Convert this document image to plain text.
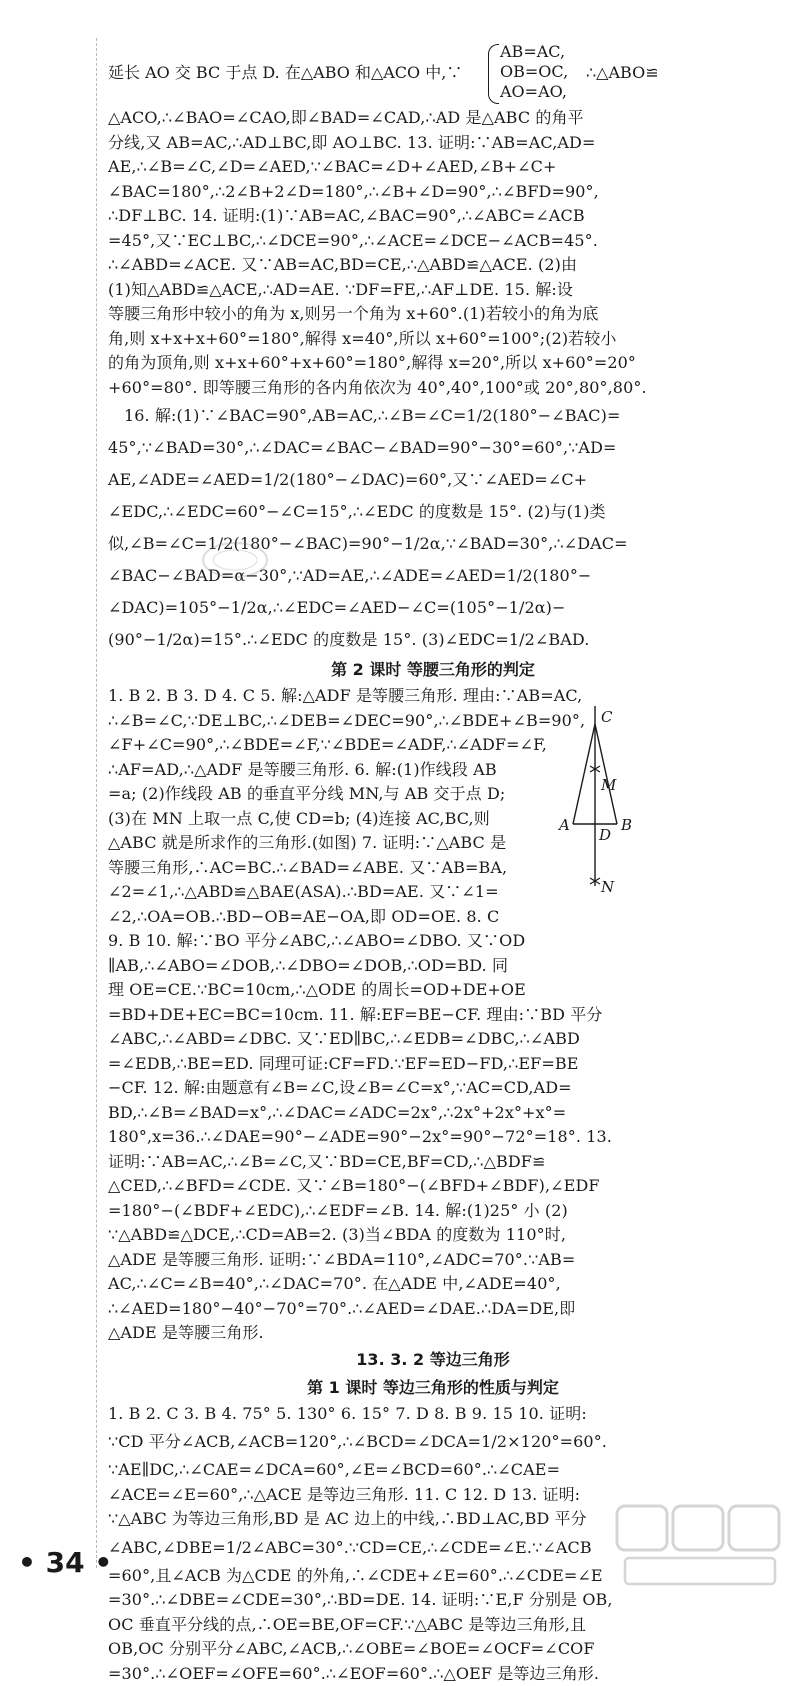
延长 AO 交 BC 于点 D. 在△ABO 和△ACO 中,∵
AB=AC,
OB=OC,
AO=AO,
∴△ABO≌
△ACO,∴∠BAO=∠CAO,即∠BAD=∠CAD,∴AD 是△ABC 的角平
分线,又 AB=AC,∴AD⊥BC,即 AO⊥BC. 13. 证明:∵AB=AC,AD=
AE,∴∠B=∠C,∠D=∠AED,∵∠BAC=∠D+∠AED,∠B+∠C+
∠BAC=180°,∴2∠B+2∠D=180°,∴∠B+∠D=90°,∴∠BFD=90°,
∴DF⊥BC. 14. 证明:(1)∵AB=AC,∠BAC=90°,∴∠ABC=∠ACB
=45°,又∵EC⊥BC,∴∠DCE=90°,∴∠ACE=∠DCE−∠ACB=45°.
∴∠ABD=∠ACE. 又∵AB=AC,BD=CE,∴△ABD≌△ACE. (2)由
(1)知△ABD≌△ACE,∴AD=AE. ∵DF=FE,∴AF⊥DE. 15. 解:设
等腰三角形中较小的角为 x,则另一个角为 x+60°.(1)若较小的角为底
角,则 x+x+x+60°=180°,解得 x=40°,所以 x+60°=100°;(2)若较小
的角为顶角,则 x+x+60°+x+60°=180°,解得 x=20°,所以 x+60°=20°
+60°=80°. 即等腰三角形的各内角依次为 40°,40°,100°或 20°,80°,80°.
16. 解:(1)∵∠BAC=90°,AB=AC,∴∠B=∠C=1/2(180°−∠BAC)=
45°,∵∠BAD=30°,∴∠DAC=∠BAC−∠BAD=90°−30°=60°,∵AD=
AE,∠ADE=∠AED=1/2(180°−∠DAC)=60°,又∵∠AED=∠C+
∠EDC,∴∠EDC=60°−∠C=15°,∴∠EDC 的度数是 15°. (2)与(1)类
似,∠B=∠C=1/2(180°−∠BAC)=90°−1/2α,∵∠BAD=30°,∴∠DAC=
∠BAC−∠BAD=α−30°,∵AD=AE,∴∠ADE=∠AED=1/2(180°−
∠DAC)=105°−1/2α,∴∠EDC=∠AED−∠C=(105°−1/2α)−
(90°−1/2α)=15°.∴∠EDC 的度数是 15°. (3)∠EDC=1/2∠BAD.
第 2 课时 等腰三角形的判定
1. B 2. B 3. D 4. C 5. 解:△ADF 是等腰三角形. 理由:∵AB=AC,
∴∠B=∠C,∵DE⊥BC,∴∠DEB=∠DEC=90°,∴∠BDE+∠B=90°,
∠F+∠C=90°,∴∠BDE=∠F,∵∠BDE=∠ADF,∴∠ADF=∠F,
∴AF=AD,∴△ADF 是等腰三角形. 6. 解:(1)作线段 AB
=a; (2)作线段 AB 的垂直平分线 MN,与 AB 交于点 D;
(3)在 MN 上取一点 C,使 CD=b; (4)连接 AC,BC,则
△ABC 就是所求作的三角形.(如图) 7. 证明:∵△ABC 是
等腰三角形,∴AC=BC.∴∠BAD=∠ABE. 又∵AB=BA,
∠2=∠1,∴△ABD≌△BAE(ASA).∴BD=AE. 又∵∠1=
∠2,∴OA=OB.∴BD−OB=AE−OA,即 OD=OE. 8. C
9. B 10. 解:∵BO 平分∠ABC,∴∠ABO=∠DBO. 又∵OD
∥AB,∴∠ABO=∠DOB,∴∠DBO=∠DOB,∴OD=BD. 同
理 OE=CE.∵BC=10cm,∴△ODE 的周长=OD+DE+OE
=BD+DE+EC=BC=10cm. 11. 解:EF=BE−CF. 理由:∵BD 平分
∠ABC,∴∠ABD=∠DBC. 又∵ED∥BC,∴∠EDB=∠DBC,∴∠ABD
=∠EDB,∴BE=ED. 同理可证:CF=FD.∵EF=ED−FD,∴EF=BE
−CF. 12. 解:由题意有∠B=∠C,设∠B=∠C=x°,∵AC=CD,AD=
BD,∴∠B=∠BAD=x°,∴∠DAC=∠ADC=2x°,∴2x°+2x°+x°=
180°,x=36.∴∠DAE=90°−∠ADE=90°−2x°=90°−72°=18°. 13.
证明:∵AB=AC,∴∠B=∠C,又∵BD=CE,BF=CD,∴△BDF≌
△CED,∴∠BFD=∠CDE. 又∵∠B=180°−(∠BFD+∠BDF),∠EDF
=180°−(∠BDF+∠EDC),∴∠EDF=∠B. 14. 解:(1)25° 小 (2)
∵△ABD≌△DCE,∴CD=AB=2. (3)当∠BDA 的度数为 110°时,
△ADE 是等腰三角形. 证明:∵∠BDA=110°,∠ADC=70°.∵AB=
AC,∴∠C=∠B=40°,∴∠DAC=70°. 在△ADE 中,∠ADE=40°,
∴∠AED=180°−40°−70°=70°.∴∠AED=∠DAE.∴DA=DE,即
△ADE 是等腰三角形.
13. 3. 2 等边三角形
第 1 课时 等边三角形的性质与判定
1. B 2. C 3. B 4. 75° 5. 130° 6. 15° 7. D 8. B 9. 15 10. 证明:
∵CD 平分∠ACB,∠ACB=120°,∴∠BCD=∠DCA=1/2×120°=60°.
∵AE∥DC,∴∠CAE=∠DCA=60°,∠E=∠BCD=60°.∴∠CAE=
∠ACE=∠E=60°,∴△ACE 是等边三角形. 11. C 12. D 13. 证明:
∵△ABC 为等边三角形,BD 是 AC 边上的中线,∴BD⊥AC,BD 平分
∠ABC,∠DBE=1/2∠ABC=30°.∵CD=CE,∴∠CDE=∠E.∵∠ACB
=60°,且∠ACB 为△CDE 的外角,∴∠CDE+∠E=60°.∴∠CDE=∠E
=30°.∴∠DBE=∠CDE=30°,∴BD=DE. 14. 证明:∵E,F 分别是 OB,
OC 垂直平分线的点,∴OE=BE,OF=CF.∵△ABC 是等边三角形,且
OB,OC 分别平分∠ABC,∠ACB,∴∠OBE=∠BOE=∠OCF=∠COF
=30°.∴∠OEF=∠OFE=60°.∴∠EOF=60°.∴△OEF 是等边三角形.
C
M
A
D
B
N
• 34 •
